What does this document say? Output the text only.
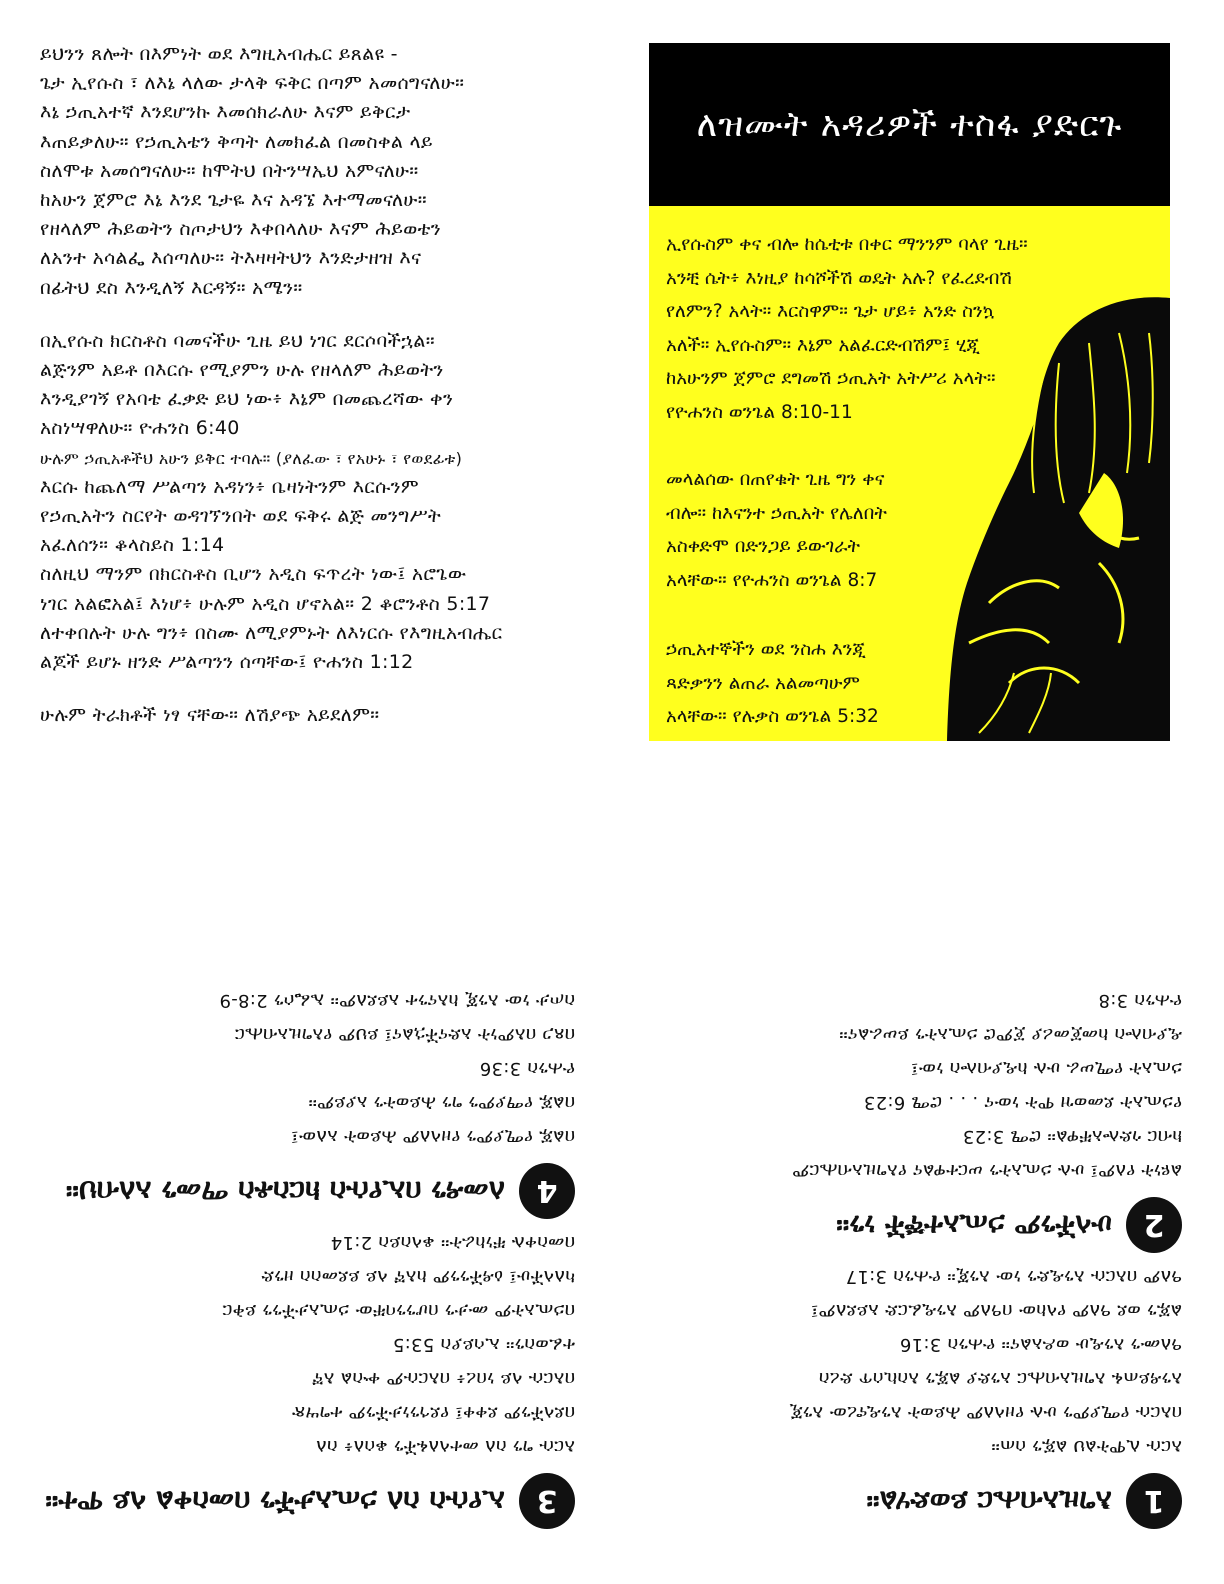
ይህንን ጸሎት በእምነት ወደ እግዚአብሔር ይጸልዩ -
ጌታ ኢየሱስ ፣ ለእኔ ላለው ታላቅ ፍቅር በጣም አመሰግናለሁ።
እኔ ኃጢአተኛ እንደሆንኩ እመሰክራለሁ እናም ይቅርታ
እጠይቃለሁ። የኃጢአቴን ቅጣት ለመክፈል በመስቀል ላይ
ስለሞቱ አመሰግናለሁ። ከሞትህ በትንሣኤህ አምናለሁ።
ከአሁን ጀምሮ እኔ እንደ ጌታዬ እና አዳኜ እተማመናለሁ።
የዘላለም ሕይወትን ስጦታህን እቀበላለሁ እናም ሕይወቴን
ለአንተ አሳልፌ እሰጣለሁ። ትእዛዛትህን እንድታዘዝ እና
በፊትህ ደስ እንዲለኝ እርዳኝ። አሜን።
በኢየሱስ ክርስቶስ ባመናችሁ ጊዜ ይህ ነገር ደርሶባችኋል።
ልጅንም አይቶ በእርሱ የሚያምን ሁሉ የዘላለም ሕይወትን
እንዲያገኝ የአባቴ ፈቃድ ይህ ነው፥ እኔም በመጨረሻው ቀን
አስነሣዋለሁ። ዮሐንስ 6:40
ሁሉም ኃጢአቶችህ አሁን ይቅር ተባሉ። (ያለፈው ፣ የአሁኑ ፣ የወደፊቱ)
እርሱ ከጨለማ ሥልጣን አዳነን፥ ቤዛነትንም እርሱንም
የኃጢአትን ስርየት ወዳገኘንበት ወደ ፍቅሩ ልጅ መንግሥት
አፈለሰን። ቆላስይስ 1:14
ስለዚህ ማንም በክርስቶስ ቢሆን አዲስ ፍጥረት ነው፤ አሮጌው
ነገር አልፎአል፤ እነሆ፥ ሁሉም አዲስ ሆኖአል። 2 ቆሮንቶስ 5:17
ለተቀበሉት ሁሉ ግን፥ በስሙ ለሚያምኑት ለእነርሱ የእግዚአብሔር
ልጆች ይሆኑ ዘንድ ሥልጣንን ሰጣቸው፤ ዮሐንስ 1:12
ሁሉም ትራክቶች ነፃ ናቸው። ለሽያጭ አይደለም።
ለዝሙት አዳሪዎች ተስፋ ያድርጉ
ኢየሱስም ቀና ብሎ ከሴቲቱ በቀር ማንንም ባላየ ጊዜ።
አንቺ ሴት፥ እነዚያ ከሳሾችሽ ወዴት አሉ? የፈረደብሽ
የለምን? አላት። እርስዋም። ጌታ ሆይ፥ አንድ ስንኳ
አለች። ኢየሱስም። እኔም አልፈርድብሽም፤ ሂጂ
ከአሁንም ጀምሮ ደግመሽ ኃጢአት አትሥሪ አላት።
የዮሐንስ ወንጌል 8:10-11
መላልሰው በጠየቁት ጊዜ ግን ቀና
ብሎ። ከእናንተ ኃጢአት የሌለበት
አስቀድሞ በድንጋይ ይውገራት
አላቸው። የዮሐንስ ወንጌል 8:7
ኃጢአተኞችን ወደ ንስሐ እንጂ
ጻድቃንን ልጠራ አልመጣሁም
አላቸው። የሉቃስ ወንጌል 5:32
3
ኢየሱስ ስለ ኃጢአታችን በመስቀል ላይ ሞተ።
እርሱ ግን ስለ መተላለፋችን ቆሰለ፥ ስለ
በደላችንም ደቀቀ፤ የደኅንነታችንም ተግሣጽ
በእርሱ ላይ ነበረ፥ በእርሱም ቍስል እኛ
ተፈወስን። ኢሳይያስ 53:5
በኃጢአትም ሙታን በሆንንባቸው ኃጢአታችንን ይቅር
ካለላችሁ፤ ዕዳችንንም ከእኛ ላይ ይደመስስ ዘንድ
በመስቀሉ ቸነከራት። ቆላስይስ 2:14
4
ለመዳን በኢየሱስ ክርስቶስ ማመን አለብህ።
በልጁ የሚያምን የዘላለም ሕይወት አለው፤
በልጁ የማያምን ግን ሕይወትን አያይም።
ዮሐንስ 3:36
በጸጋ በእምነት አድናችኋልና፤ ይህም የእግዚአብሔር
ስጦታ ነው እንጂ ከእናንተ አይደለም። ኤፌሶን 2:8-9
1
እግዚአብሔር ይወድሃል።
እርሱ ሊሞትልህ ልጁን ሰጠ።
በእርሱ የሚያምን ሁሉ የዘላለም ሕይወት እንዲኖረው እንጂ
እንዳይጠፋ እግዚአብሔር አንድያ ልጁን እስኪሰጥ ድረስ
ዓለሙን እንዲሁ ወዶአልና። ዮሐንስ 3:16
ልጁን ወደ ዓለም የላከው በዓለም እንዲፈርድ አይደለም፤
ዓለም በእርሱ እንዲድን ነው እንጂ። ዮሐንስ 3:17
2
ሁላችንም ኃጢአተኞች ነን።
ልዩነት የለም፤ ሁሉ ኃጢአትን ሠርተዋልና የእግዚአብሔርም
ክብር ጎድሎአቸዋል። ሮሜ 3:23
የኃጢአት ደመወዝ ሞት ነውና . . . ሮሜ 6:23
ኃጢአት የሚሠራ ሁሉ ከዲያብሎስ ነው፤
ዲያብሎስ ከመጀመሪያ ጀምሮ ኃጢአትን ይሠራልና።
ዮሐንስ 3:8
